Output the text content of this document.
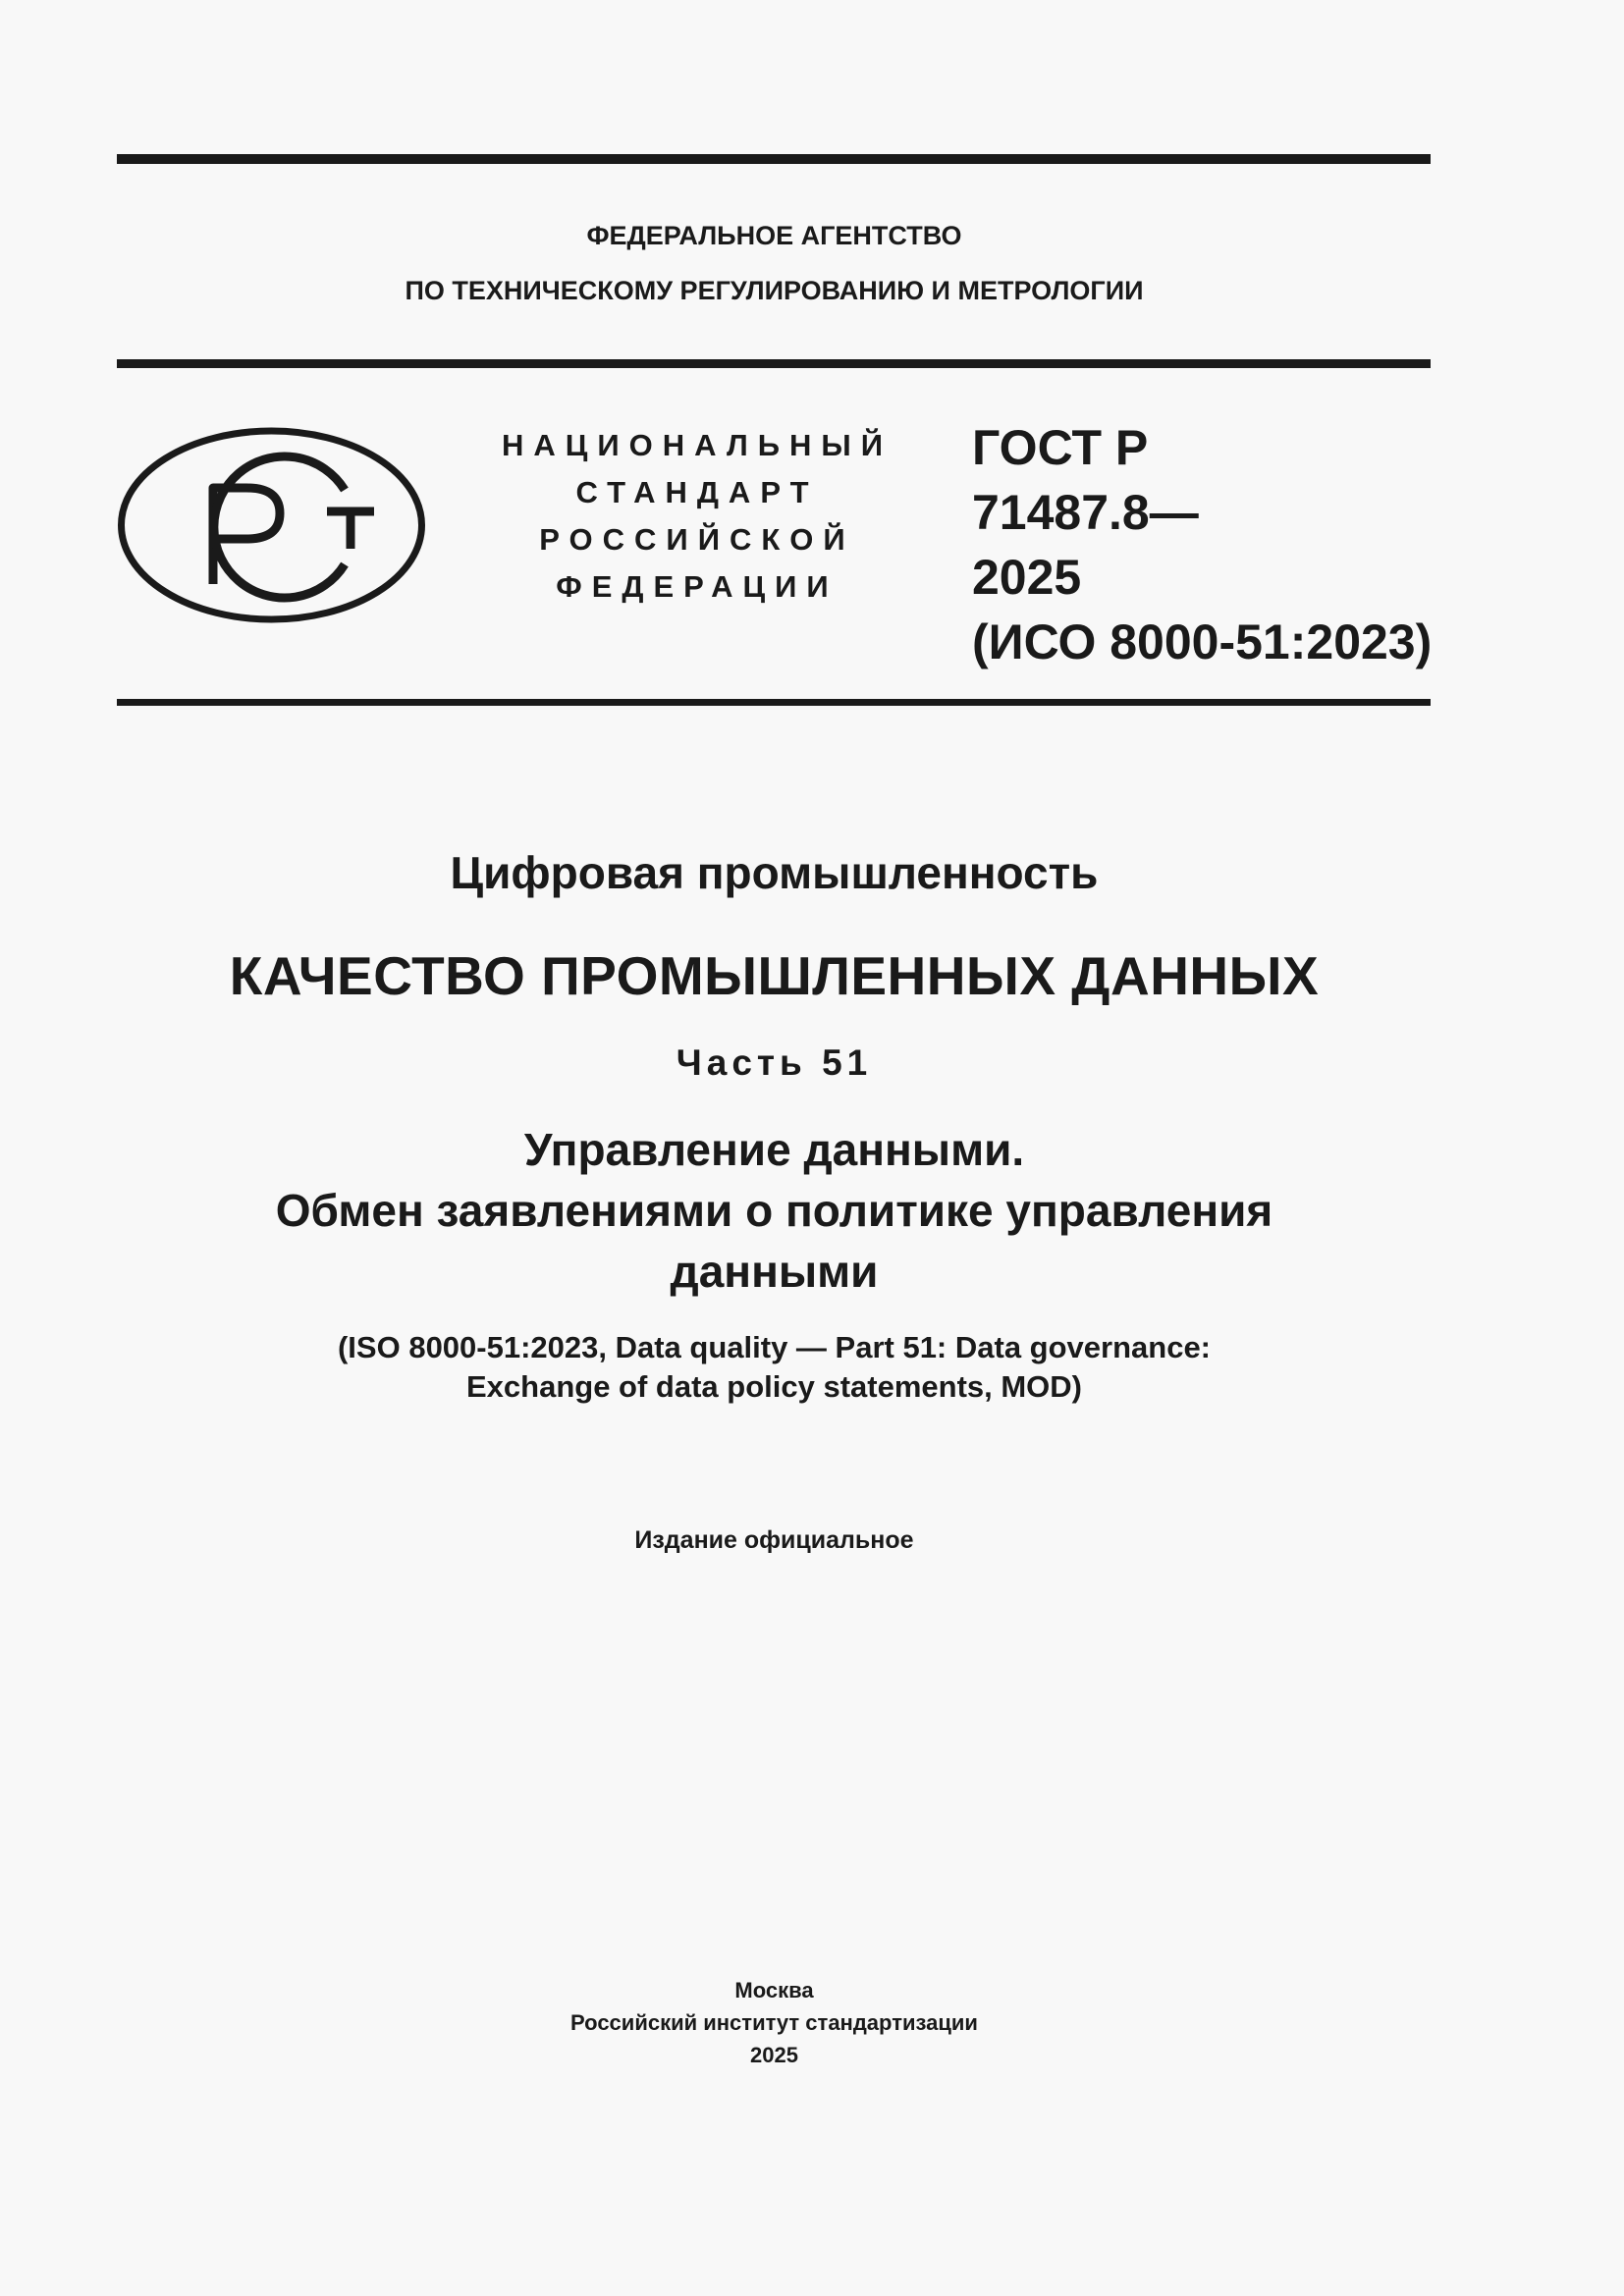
ФЕДЕРАЛЬНОЕ АГЕНТСТВО
ПО ТЕХНИЧЕСКОМУ РЕГУЛИРОВАНИЮ И МЕТРОЛОГИИ
НАЦИОНАЛЬНЫЙ
СТАНДАРТ
РОССИЙСКОЙ
ФЕДЕРАЦИИ
ГОСТ Р
71487.8—
2025
(ИСО 8000-51:2023)
Цифровая промышленность
КАЧЕСТВО ПРОМЫШЛЕННЫХ ДАННЫХ
Часть 51
Управление данными.
Обмен заявлениями о политике управления
данными
(ISO 8000-51:2023, Data quality — Part 51: Data governance:
Exchange of data policy statements, MOD)
Издание официальное
Москва
Российский институт стандартизации
2025
